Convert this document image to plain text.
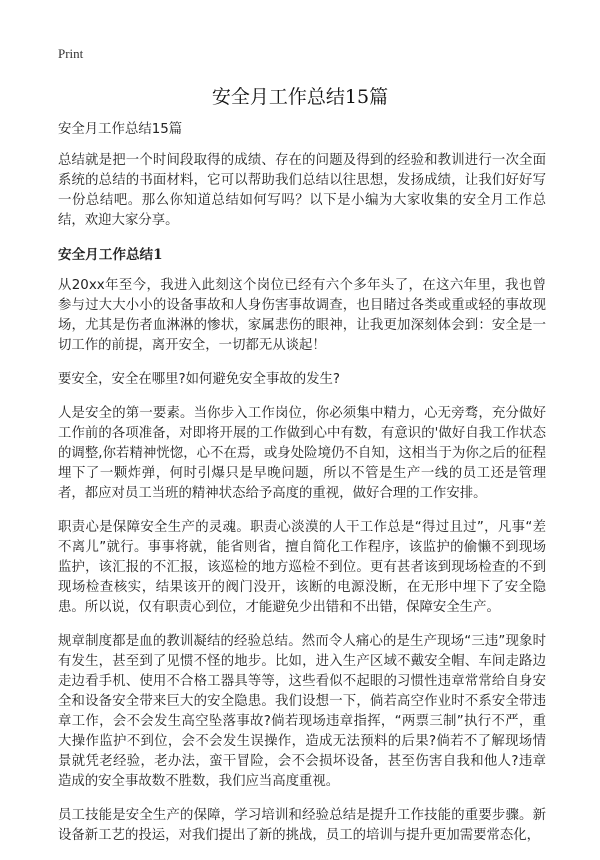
Print
安全月工作总结15篇

安全月工作总结15篇

总结就是把一个时间段取得的成绩、存在的问题及得到的经验和教训进行一次全面系统的总结的书面材料，它可以帮助我们总结以往思想，发扬成绩，让我们好好写一份总结吧。那么你知道总结如何写吗？以下是小编为大家收集的安全月工作总结，欢迎大家分享。

安全月工作总结1

从20xx年至今，我进入此刻这个岗位已经有六个多年头了，在这六年里，我也曾参与过大大小小的设备事故和人身伤害事故调查，也目睹过各类或重或轻的事故现场，尤其是伤者血淋淋的惨状，家属悲伤的眼神，让我更加深刻体会到：安全是一切工作的前提，离开安全，一切都无从谈起！

要安全，安全在哪里?如何避免安全事故的发生?

人是安全的第一要素。当你步入工作岗位，你必须集中精力，心无旁骛，充分做好工作前的各项准备，对即将开展的工作做到心中有数，有意识的'做好自我工作状态的调整,你若精神恍惚，心不在焉，或身处险境仍不自知，这相当于为你之后的征程埋下了一颗炸弹，何时引爆只是早晚问题，所以不管是生产一线的员工还是管理者，都应对员工当班的精神状态给予高度的重视，做好合理的工作安排。

职责心是保障安全生产的灵魂。职责心淡漠的人干工作总是“得过且过”，凡事“差不离儿”就行。事事将就，能省则省，擅自简化工作程序，该监护的偷懒不到现场监护，该汇报的不汇报，该巡检的地方巡检不到位。更有甚者该到现场检查的不到现场检查核实，结果该开的阀门没开，该断的电源没断，在无形中埋下了安全隐患。所以说，仅有职责心到位，才能避免少出错和不出错，保障安全生产。

规章制度都是血的教训凝结的经验总结。然而令人痛心的是生产现场“三违”现象时有发生，甚至到了见惯不怪的地步。比如，进入生产区域不戴安全帽、车间走路边走边看手机、使用不合格工器具等等，这些看似不起眼的习惯性违章常常给自身安全和设备安全带来巨大的安全隐患。我们设想一下，倘若高空作业时不系安全带违章工作，会不会发生高空坠落事故?倘若现场违章指挥，“两票三制”执行不严，重大操作监护不到位，会不会发生误操作，造成无法预料的后果?倘若不了解现场情景就凭老经验，老办法，蛮干冒险，会不会损坏设备，甚至伤害自我和他人?违章造成的安全事故数不胜数，我们应当高度重视。

员工技能是安全生产的保障，学习培训和经验总结是提升工作技能的重要步骤。新设备新工艺的投运，对我们提出了新的挑战，员工的培训与提升更加需要常态化，
